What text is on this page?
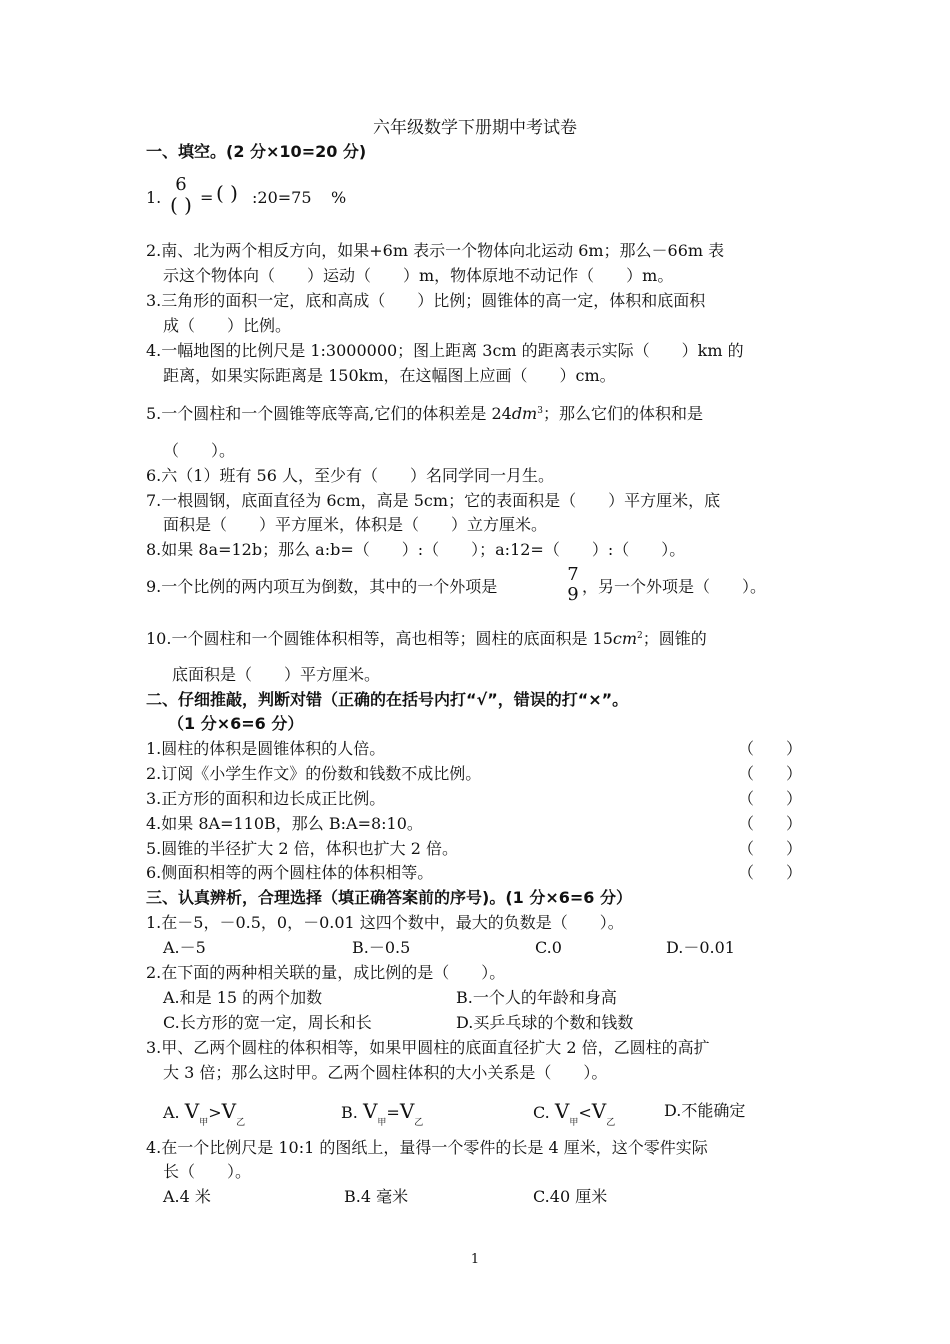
六年级数学下册期中考试卷
一、填空。(2 分×10=20 分)
1.
6
( ) = ( ) :20=75 %
2.南、北为两个相反方向，如果+6m 表示一个物体向北运动 6m；那么－66m 表
示这个物体向（　　）运动（　　）m，物体原地不动记作（　　）m。
3.三角形的面积一定，底和高成（　　）比例；圆锥体的高一定，体积和底面积
成（　　）比例。
4.一幅地图的比例尺是 1:3000000；图上距离 3cm 的距离表示实际（　　）km 的
距离，如果实际距离是 150km，在这幅图上应画（　　）cm。
5.一个圆柱和一个圆锥等底等高,它们的体积差是 $24dm^3$；那么它们的体积和是
（　　）。
6.六（1）班有 56 人，至少有（　　）名同学同一月生。
7.一根圆钢，底面直径为 6cm，高是 5cm；它的表面积是（　　）平方厘米，底
面积是（　　）平方厘米，体积是（　　）立方厘米。
8.如果 8a=12b；那么 a:b=（　　）:（　　）；a:12=（　　）:（　　）。
9.一个比例的两内项互为倒数，其中的一个外项是
7
9 ，另一个外项是（　　）。
10.一个圆柱和一个圆锥体积相等，高也相等；圆柱的底面积是 $15cm^2$；圆锥的
底面积是（　　）平方厘米。
二、仔细推敲，判断对错（正确的在括号内打“√”，错误的打“×”。
（1 分×6=6 分）
1.圆柱的体积是圆锥体积的人倍。	（　　）
2.订阅《小学生作文》的份数和钱数不成比例。	（　　）
3.正方形的面积和边长成正比例。	（　　）
4.如果 8A=110B，那么 B:A=8:10。	（　　）
5.圆锥的半径扩大 2 倍，体积也扩大 2 倍。	（　　）
6.侧面积相等的两个圆柱体的体积相等。	（　　）
三、认真辨析，合理选择（填正确答案前的序号)。(1 分×6=6 分）
1.在－5，－0.5，0，－0.01 这四个数中，最大的负数是（　　）。
A.－5	B.－0.5	C.0	D.－0.01
2.在下面的两种相关联的量，成比例的是（　　）。
A.和是 15 的两个加数	B.一个人的年龄和身高
C.长方形的宽一定，周长和长	D.买乒乓球的个数和钱数
3.甲、乙两个圆柱的体积相等，如果甲圆柱的底面直径扩大 2 倍，乙圆柱的高扩
大 3 倍；那么这时甲。乙两个圆柱体积的大小关系是（　　）。
A. $V_甲>V_乙$
B. $V_甲=V_乙$
C. $V_甲<V_乙$
D.不能确定
4.在一个比例尺是 10:1 的图纸上，量得一个零件的长是 4 厘米，这个零件实际
长（　　）。
A.4 米	B.4 毫米	C.40 厘米
1
